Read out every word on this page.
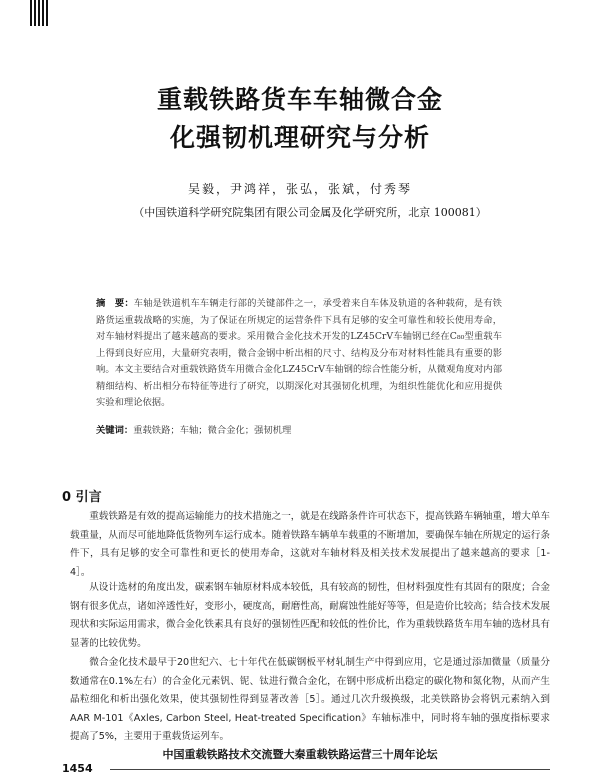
重载铁路货车车轴微合金
化强韧机理研究与分析
吴毅，尹鸿祥，张弘，张斌，付秀琴
（中国铁道科学研究院集团有限公司金属及化学研究所，北京 100081）
摘　要：车轴是铁道机车车辆走行部的关键部件之一，承受着来自车体及轨道的各种载荷，是有铁路货运重载战略的实施，为了保证在所规定的运营条件下具有足够的安全可靠性和较长使用寿命，对车轴材料提出了越来越高的要求。采用微合金化技术开发的LZ45CrV车轴钢已经在C₈₀型重载车上得到良好应用，大量研究表明，微合金钢中析出相的尺寸、结构及分布对材料性能具有重要的影响。本文主要结合对重载铁路货车用微合金化LZ45CrV车轴钢的综合性能分析，从微观角度对内部精细结构、析出相分布特征等进行了研究，以期深化对其强韧化机理，为组织性能优化和应用提供实验和理论依据。
关键词：重载铁路；车轴；微合金化；强韧机理
0 引言
重载铁路是有效的提高运输能力的技术措施之一，就是在线路条件许可状态下，提高铁路车辆轴重，增大单车载重量，从而尽可能地降低货物列车运行成本。随着铁路车辆单车载重的不断增加，要确保车轴在所规定的运行条件下，具有足够的安全可靠性和更长的使用寿命，这就对车轴材料及相关技术发展提出了越来越高的要求［1-4］。
从设计选材的角度出发，碳素钢车轴原材料成本较低，具有较高的韧性，但材料强度性有其固有的限度；合金钢有很多优点，诸如淬透性好，变形小，硬度高，耐磨性高，耐腐蚀性能好等等，但是造价比较高；结合技术发展现状和实际运用需求，微合金化铁素具有良好的强韧性匹配和较低的性价比，作为重载铁路货车用车轴的选材具有显著的比较优势。
微合金化技术最早于20世纪六、七十年代在低碳钢板平材轧制生产中得到应用，它是通过添加微量（质量分数通常在0.1%左右）的合金化元素钒、铌、钛进行微合金化，在钢中形成析出稳定的碳化物和氮化物，从而产生晶粒细化和析出强化效果，使其强韧性得到显著改善［5］。通过几次升级换级，北美铁路协会将钒元素纳入到AAR M-101《Axles, Carbon Steel, Heat-treated Specification》车轴标准中，同时将车轴的强度指标要求提高了5%，主要用于重载货运列车。
中国重载铁路技术交流暨大秦重载铁路运营三十周年论坛
1454
